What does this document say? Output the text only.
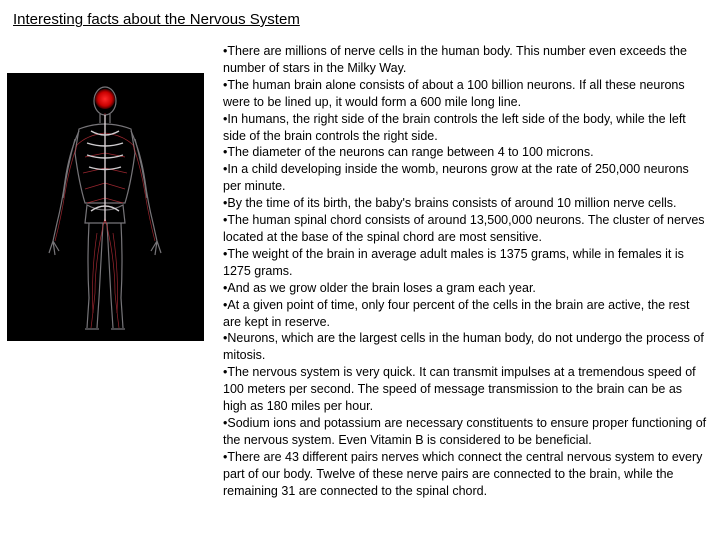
Interesting facts about the Nervous System
• There are millions of nerve cells in the human body. This number even exceeds the number of stars in the Milky Way.
• The human brain alone consists of about a 100 billion neurons. If all these neurons were to be lined up, it would form a 600 mile long line.
• In humans, the right side of the brain controls the left side of the body, while the left side of the brain controls the right side.
• The diameter of the neurons can range between 4 to 100 microns.
• In a child developing inside the womb, neurons grow at the rate of 250,000 neurons per minute.
• By the time of its birth, the baby's brains consists of around 10 million nerve cells.
• The human spinal chord consists of around 13,500,000 neurons. The cluster of nerves located at the base of the spinal chord are most sensitive.
• The weight of the brain in average adult males is 1375 grams, while in females it is 1275 grams.
• And as we grow older the brain loses a gram each year.
• At a given point of time, only four percent of the cells in the brain are active, the rest are kept in reserve.
• Neurons, which are the largest cells in the human body, do not undergo the process of mitosis.
• The nervous system is very quick. It can transmit impulses at a tremendous speed of 100 meters per second. The speed of message transmission to the brain can be as high as 180 miles per hour.
• Sodium ions and potassium are necessary constituents to ensure proper functioning of the nervous system. Even Vitamin B is considered to be beneficial.
• There are 43 different pairs nerves which connect the central nervous system to every part of our body. Twelve of these nerve pairs are connected to the brain, while the remaining 31 are connected to the spinal chord.
